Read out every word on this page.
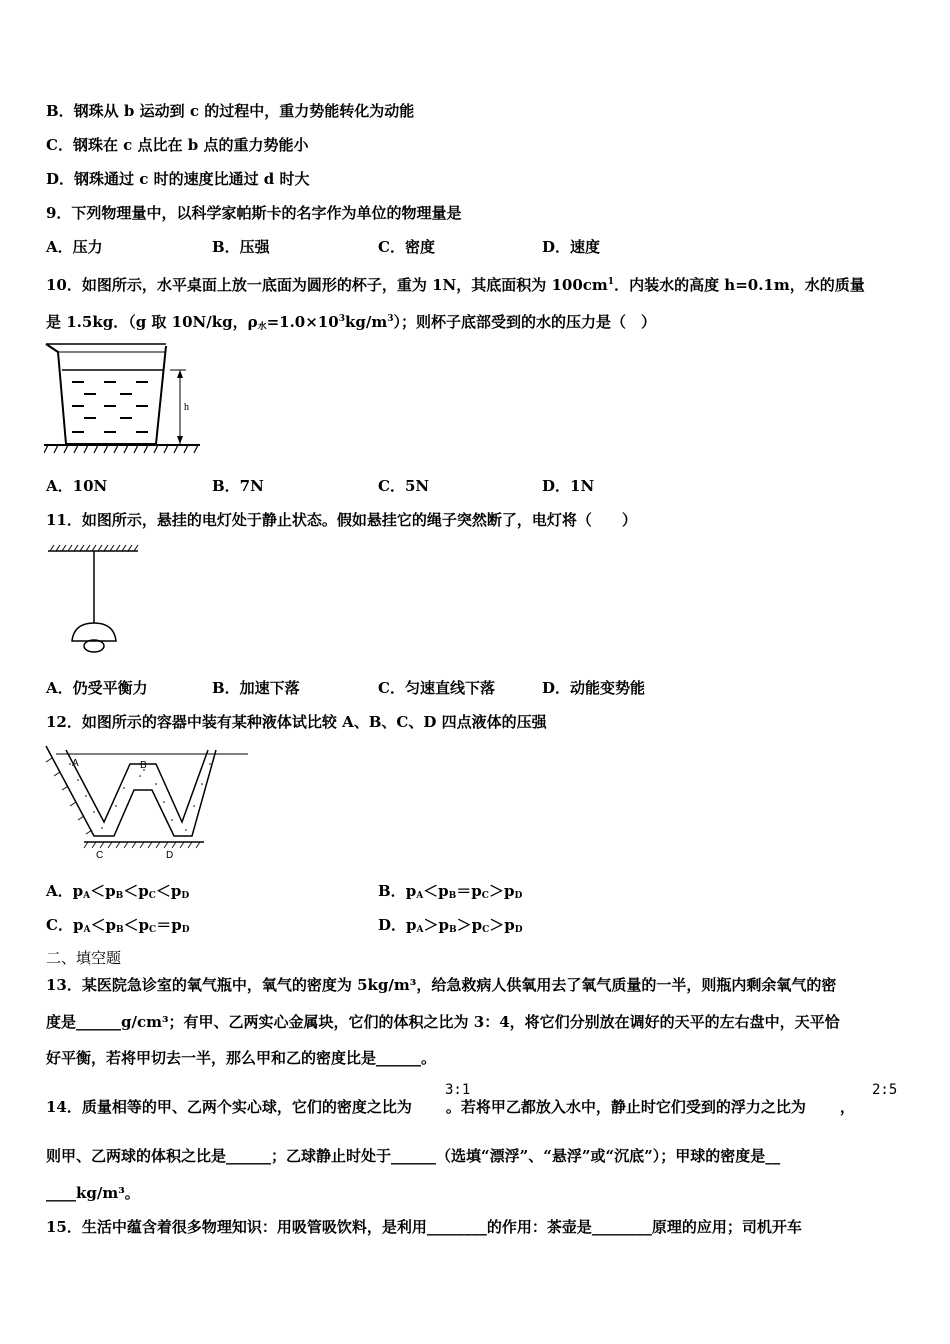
B．钢珠从 b 运动到 c 的过程中，重力势能转化为动能
C．钢珠在 c 点比在 b 点的重力势能小
D．钢珠通过 c 时的速度比通过 d 时大
9．下列物理量中，以科学家帕斯卡的名字作为单位的物理量是
A．压力	B．压强	C．密度	D．速度
10．如图所示，水平桌面上放一底面为圆形的杯子，重为 1N，其底面积为 $100cm^1$．内装水的高度 h=0.1m，水的质量
是 1.5kg．（g 取 10N/kg，$\rho_水=1.0\times 10^3kg/m^3$）；则杯子底部受到的水的压力是（　）
h
A．10N	B．7N	C．5N	D．1N
11．如图所示，悬挂的电灯处于静止状态。假如悬挂它的绳子突然断了，电灯将（　　）
A．仍受平衡力	B．加速下落	C．匀速直线下落	D．动能变势能
12．如图所示的容器中装有某种液体试比较 A、B、C、D 四点液体的压强
A	B
C	D
A．$p_A<p_B<p_C<p_D$	B．$p_A<p_B=p_C>p_D$
C．$p_A<p_B<p_C=p_D$	D．$p_A>p_B>p_C>p_D$
二、填空题
13．某医院急诊室的氧气瓶中，氧气的密度为 5kg/m³，给急救病人供氧用去了氧气质量的一半，则瓶内剩余氧气的密
度是______g/cm³；有甲、乙两实心金属块，它们的体积之比为 3：4，将它们分别放在调好的天平的左右盘中，天平恰
好平衡，若将甲切去一半，那么甲和乙的密度比是______。
14．质量相等的甲、乙两个实心球，它们的密度之比为 。若将甲乙都放入水中，静止时它们受到的浮力之比为 ，
3:1	2:5
则甲、乙两球的体积之比是______；乙球静止时处于______（选填“漂浮”、“悬浮”或“沉底”）；甲球的密度是__
____kg/m³。
15．生活中蕴含着很多物理知识：用吸管吸饮料，是利用________的作用：茶壶是________原理的应用；司机开车
